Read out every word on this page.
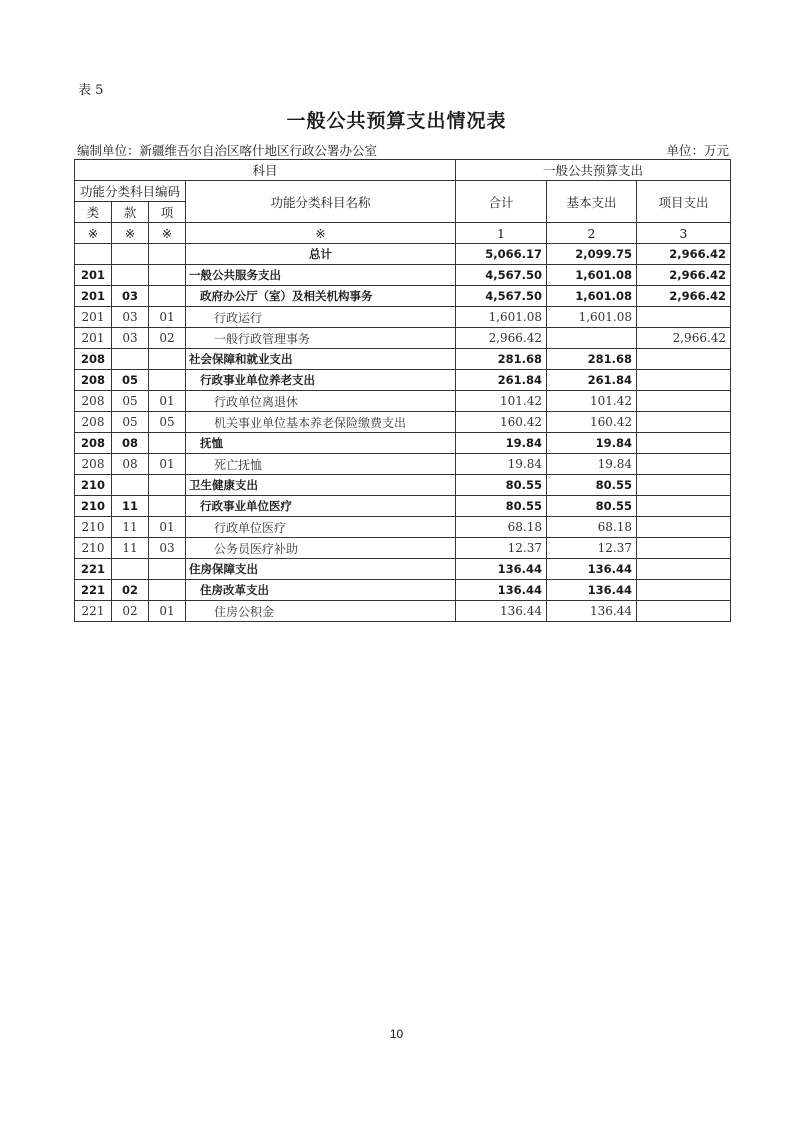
表 5
一般公共预算支出情况表
编制单位：新疆维吾尔自治区喀什地区行政公署办公室	单位：万元
科目				一般公共预算支出		
功能分类科目编码			功能分类科目名称	合计	基本支出	项目支出
类	款	项				
※	※	※	※	1	2	3
			总计	5,066.17	2,099.75	2,966.42
201			一般公共服务支出	4,567.50	1,601.08	2,966.42
201	03		政府办公厅（室）及相关机构事务	4,567.50	1,601.08	2,966.42
201	03	01	行政运行	1,601.08	1,601.08	
201	03	02	一般行政管理事务	2,966.42		2,966.42
208			社会保障和就业支出	281.68	281.68	
208	05		行政事业单位养老支出	261.84	261.84	
208	05	01	行政单位离退休	101.42	101.42	
208	05	05	机关事业单位基本养老保险缴费支出	160.42	160.42	
208	08		抚恤	19.84	19.84	
208	08	01	死亡抚恤	19.84	19.84	
210			卫生健康支出	80.55	80.55	
210	11		行政事业单位医疗	80.55	80.55	
210	11	01	行政单位医疗	68.18	68.18	
210	11	03	公务员医疗补助	12.37	12.37	
221			住房保障支出	136.44	136.44	
221	02		住房改革支出	136.44	136.44	
221	02	01	住房公积金	136.44	136.44	
10
